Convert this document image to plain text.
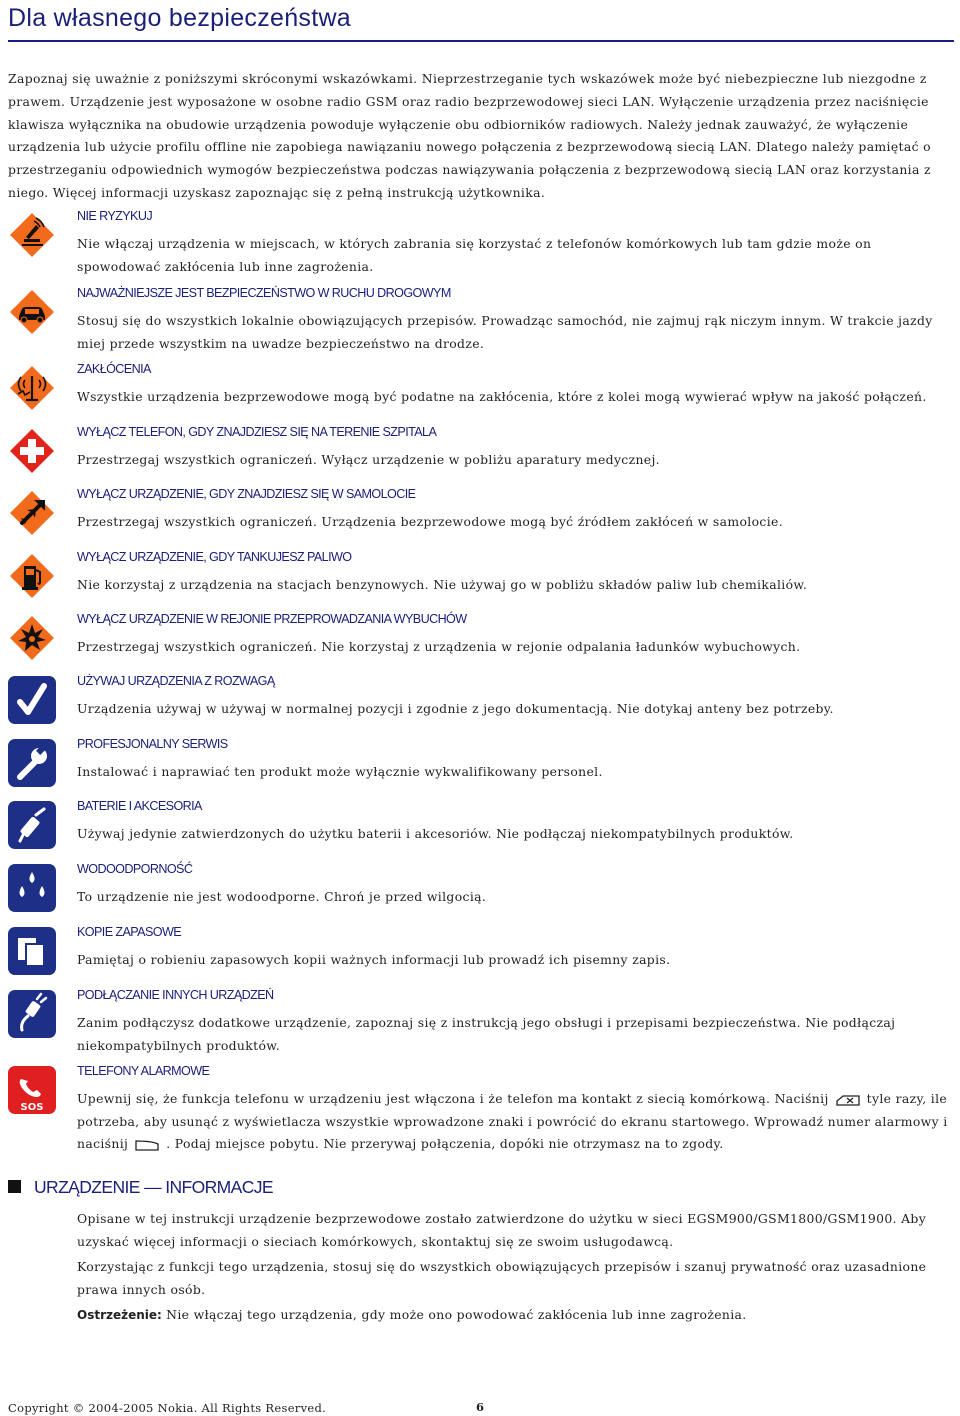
Dla własnego bezpieczeństwa

Zapoznaj się uważnie z poniższymi skróconymi wskazówkami. Nieprzestrzeganie tych wskazówek może być niebezpieczne lub niezgodne z prawem. Urządzenie jest wyposażone w osobne radio GSM oraz radio bezprzewodowej sieci LAN. Wyłączenie urządzenia przez naciśnięcie klawisza wyłącznika na obudowie urządzenia powoduje wyłączenie obu odbiorników radiowych. Należy jednak zauważyć, że wyłączenie urządzenia lub użycie profilu offline nie zapobiega nawiązaniu nowego połączenia z bezprzewodową siecią LAN. Dlatego należy pamiętać o przestrzeganiu odpowiednich wymogów bezpieczeństwa podczas nawiązywania połączenia z bezprzewodową siecią LAN oraz korzystania z niego. Więcej informacji uzyskasz zapoznając się z pełną instrukcją użytkownika.

NIE RYZYKUJ

Nie włączaj urządzenia w miejscach, w których zabrania się korzystać z telefonów komórkowych lub tam gdzie może on spowodować zakłócenia lub inne zagrożenia.

NAJWAŻNIEJSZE JEST BEZPIECZEŃSTWO W RUCHU DROGOWYM

Stosuj się do wszystkich lokalnie obowiązujących przepisów. Prowadząc samochód, nie zajmuj rąk niczym innym. W trakcie jazdy miej przede wszystkim na uwadze bezpieczeństwo na drodze.

ZAKŁÓCENIA

Wszystkie urządzenia bezprzewodowe mogą być podatne na zakłócenia, które z kolei mogą wywierać wpływ na jakość połączeń.

WYŁĄCZ TELEFON, GDY ZNAJDZIESZ SIĘ NA TERENIE SZPITALA

Przestrzegaj wszystkich ograniczeń. Wyłącz urządzenie w pobliżu aparatury medycznej.

WYŁĄCZ URZĄDZENIE, GDY ZNAJDZIESZ SIĘ W SAMOLOCIE

Przestrzegaj wszystkich ograniczeń. Urządzenia bezprzewodowe mogą być źródłem zakłóceń w samolocie.

WYŁĄCZ URZĄDZENIE, GDY TANKUJESZ PALIWO

Nie korzystaj z urządzenia na stacjach benzynowych. Nie używaj go w pobliżu składów paliw lub chemikaliów.

WYŁĄCZ URZĄDZENIE W REJONIE PRZEPROWADZANIA WYBUCHÓW

Przestrzegaj wszystkich ograniczeń. Nie korzystaj z urządzenia w rejonie odpalania ładunków wybuchowych.

UŻYWAJ URZĄDZENIA Z ROZWAGĄ

Urządzenia używaj w używaj w normalnej pozycji i zgodnie z jego dokumentacją. Nie dotykaj anteny bez potrzeby.

PROFESJONALNY SERWIS

Instalować i naprawiać ten produkt może wyłącznie wykwalifikowany personel.

BATERIE I AKCESORIA

Używaj jedynie zatwierdzonych do użytku baterii i akcesoriów. Nie podłączaj niekompatybilnych produktów.

WODOODPORNOŚĆ

To urządzenie nie jest wodoodporne. Chroń je przed wilgocią.

KOPIE ZAPASOWE

Pamiętaj o robieniu zapasowych kopii ważnych informacji lub prowadź ich pisemny zapis.

PODŁĄCZANIE INNYCH URZĄDZEŃ

Zanim podłączysz dodatkowe urządzenie, zapoznaj się z instrukcją jego obsługi i przepisami bezpieczeństwa. Nie podłączaj niekompatybilnych produktów.

SOS
TELEFONY ALARMOWE

Upewnij się, że funkcja telefonu w urządzeniu jest włączona i że telefon ma kontakt z siecią komórkową. Naciśnij	tyle razy, ile potrzeba, aby usunąć z wyświetlacza wszystkie wprowadzone znaki i powrócić do ekranu startowego. Wprowadź numer alarmowy i naciśnij	. Podaj miejsce pobytu. Nie przerywaj połączenia, dopóki nie otrzymasz na to zgody.

URZĄDZENIE — INFORMACJE

Opisane w tej instrukcji urządzenie bezprzewodowe zostało zatwierdzone do użytku w sieci EGSM900/GSM1800/GSM1900. Aby uzyskać więcej informacji o sieciach komórkowych, skontaktuj się ze swoim usługodawcą.

Korzystając z funkcji tego urządzenia, stosuj się do wszystkich obowiązujących przepisów i szanuj prywatność oraz uzasadnione prawa innych osób.

Ostrzeżenie: Nie włączaj tego urządzenia, gdy może ono powodować zakłócenia lub inne zagrożenia.

Copyright © 2004-2005 Nokia. All Rights Reserved.	6
